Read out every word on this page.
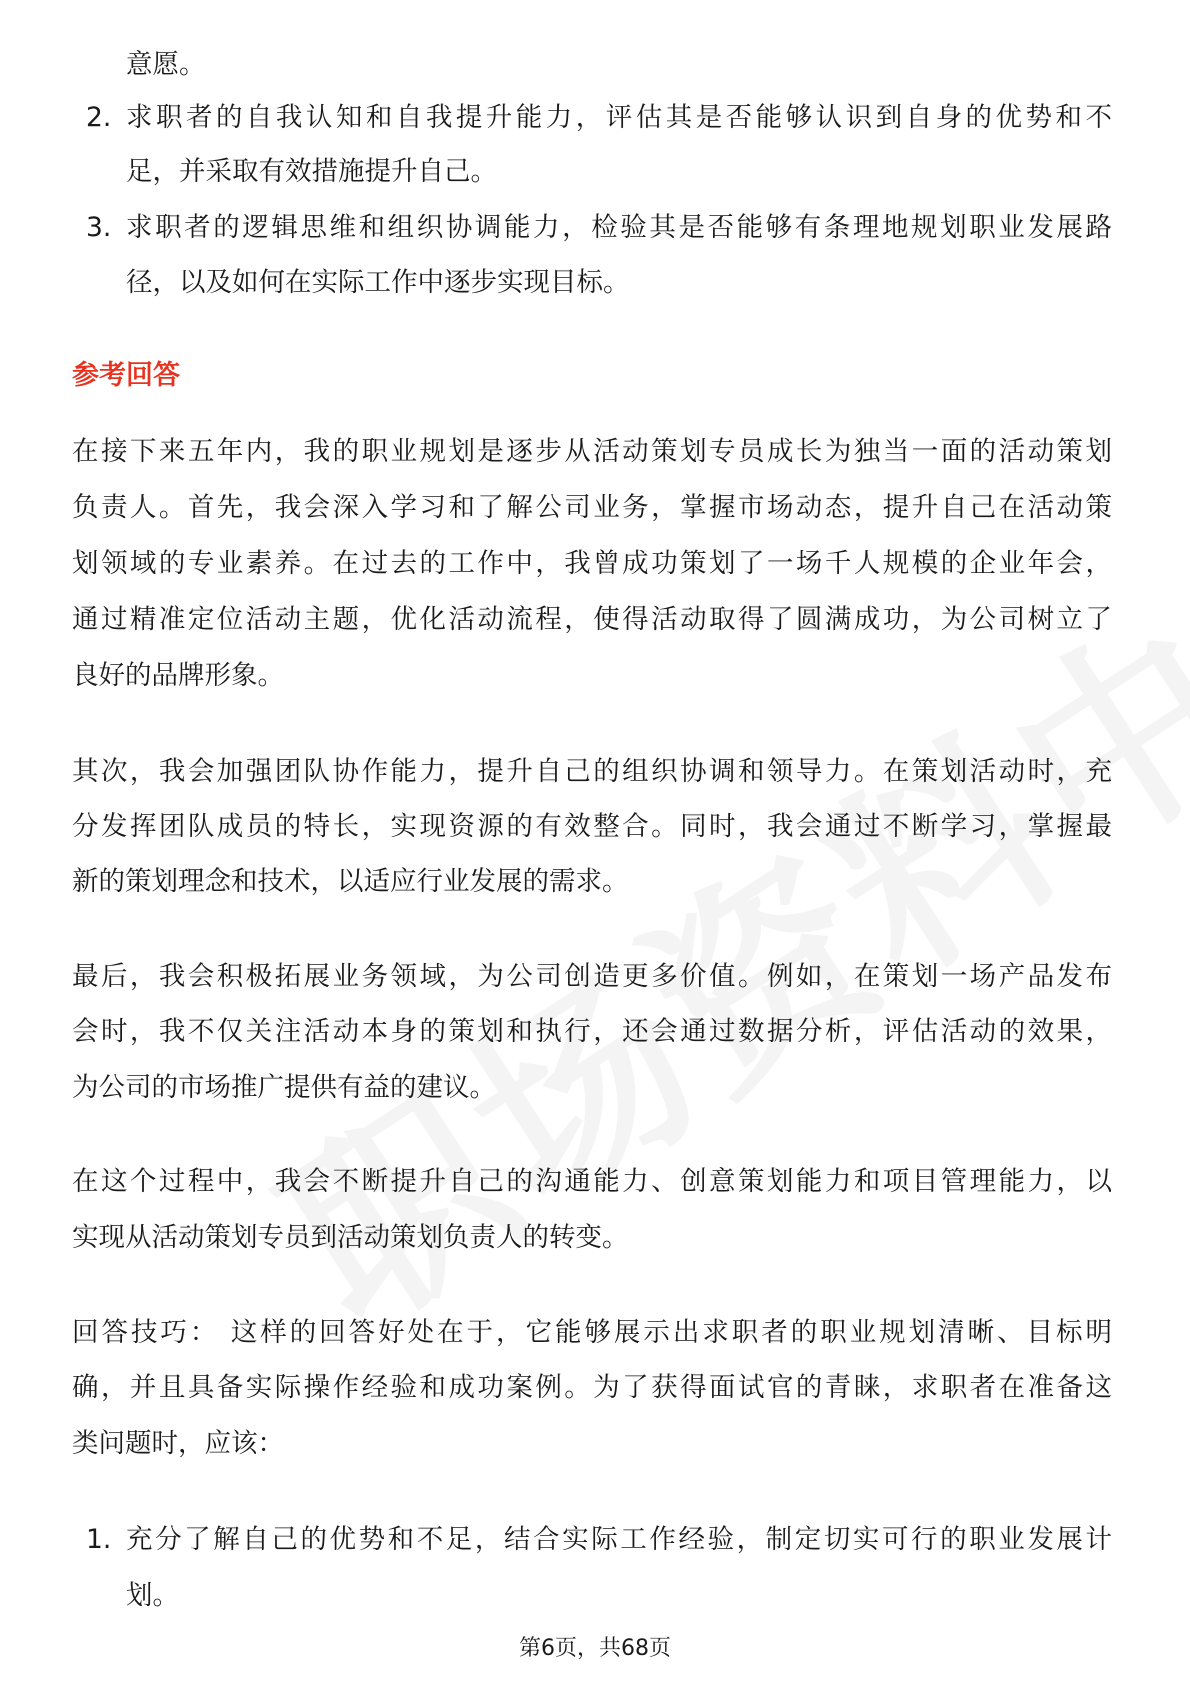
意愿。
2. 求职者的自我认知和自我提升能力，评估其是否能够认识到自身的优势和不
足，并采取有效措施提升自己。
3. 求职者的逻辑思维和组织协调能力，检验其是否能够有条理地规划职业发展路
径，以及如何在实际工作中逐步实现目标。
参考回答
在接下来五年内，我的职业规划是逐步从活动策划专员成长为独当一面的活动策划
负责人。首先，我会深入学习和了解公司业务，掌握市场动态，提升自己在活动策
划领域的专业素养。在过去的工作中，我曾成功策划了一场千人规模的企业年会，
通过精准定位活动主题，优化活动流程，使得活动取得了圆满成功，为公司树立了
良好的品牌形象。
其次，我会加强团队协作能力，提升自己的组织协调和领导力。在策划活动时，充
分发挥团队成员的特长，实现资源的有效整合。同时，我会通过不断学习，掌握最
新的策划理念和技术，以适应行业发展的需求。
最后，我会积极拓展业务领域，为公司创造更多价值。例如，在策划一场产品发布
会时，我不仅关注活动本身的策划和执行，还会通过数据分析，评估活动的效果，
为公司的市场推广提供有益的建议。
在这个过程中，我会不断提升自己的沟通能力、创意策划能力和项目管理能力，以
实现从活动策划专员到活动策划负责人的转变。
回答技巧： 这样的回答好处在于，它能够展示出求职者的职业规划清晰、目标明
确，并且具备实际操作经验和成功案例。为了获得面试官的青睐，求职者在准备这
类问题时，应该：
1. 充分了解自己的优势和不足，结合实际工作经验，制定切实可行的职业发展计
划。
第6页，共68页
